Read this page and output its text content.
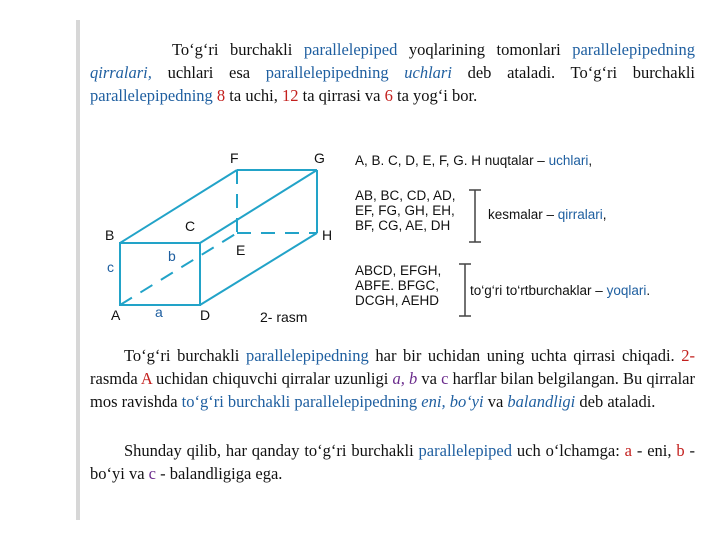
To‘g‘ri burchakli parallelepiped yoqlarining tomonlari parallelepipedning qirralari, uchlari esa parallelepipedning uchlari deb ataladi. To‘g‘ri burchakli parallelepipedning 8 ta uchi, 12 ta qirrasi va 6 ta yog‘i bor.

F	G
B
C
E
H
A	D
c
b
a	2- rasm

A, B. C, D, E, F, G. H nuqtalar – uchlari,

AB, BC, CD, AD,
EF, FG, GH, EH,
BF, CG, AE, DH

kesmalar – qirralari,

ABCD, EFGH,
ABFE. BFGC,
DCGH, AEHD

to‘g‘ri to‘rtburchaklar – yoqlari.

To‘g‘ri burchakli parallelepipedning har bir uchidan uning uchta qirrasi chiqadi. 2- rasmda A uchidan chiquvchi qirralar uzunligi a, b va c harflar bilan belgilangan. Bu qirralar mos ravishda to‘g‘ri burchakli parallelepipedning eni, bo‘yi va balandligi deb ataladi.

Shunday qilib, har qanday to‘g‘ri burchakli parallelepiped uch o‘lchamga: a - eni, b - bo‘yi va c - balandligiga ega.
